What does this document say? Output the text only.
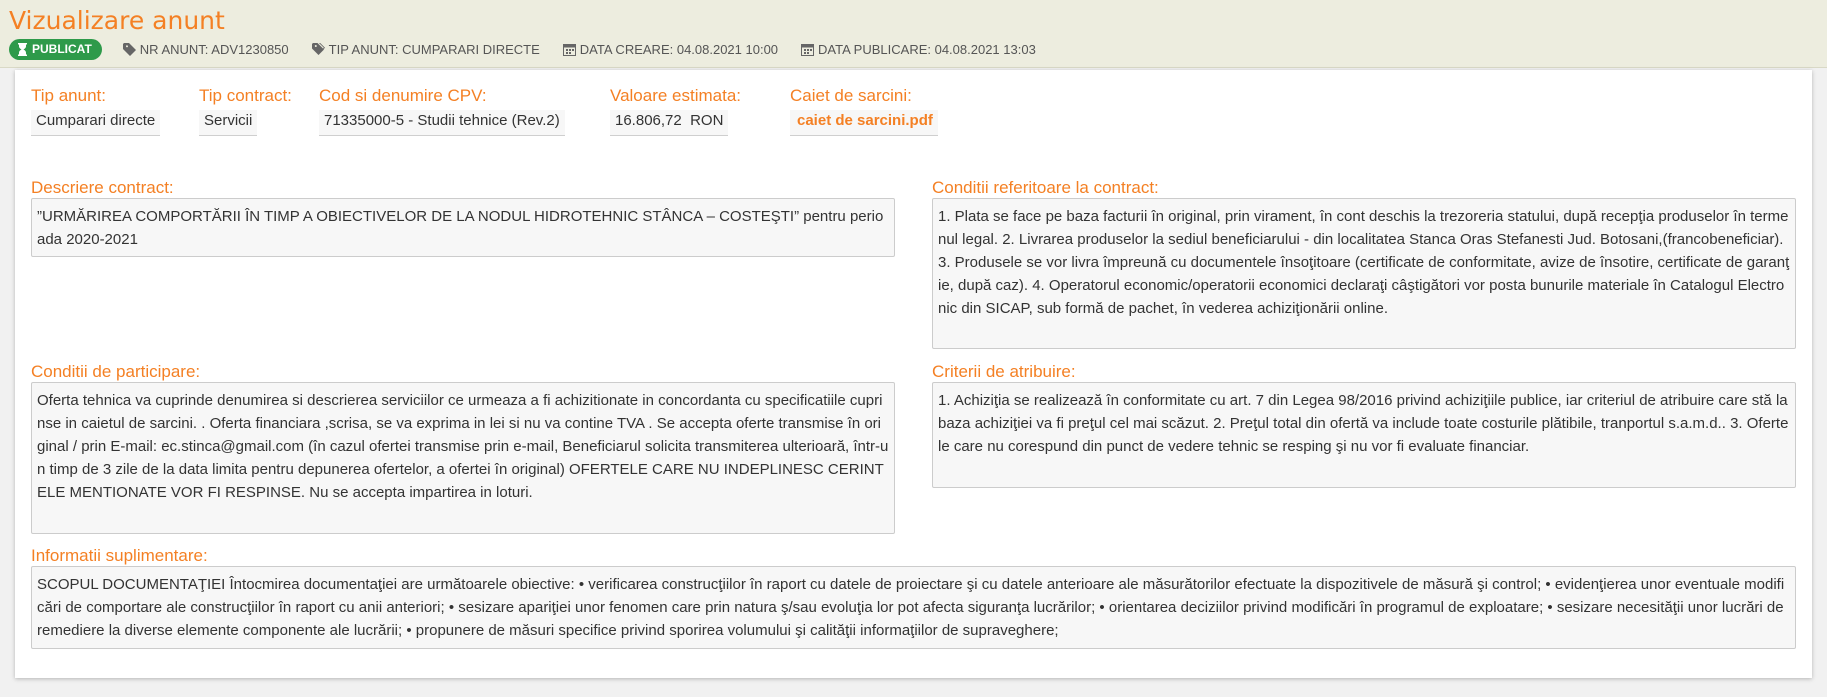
Vizualizare anunt
PUBLICAT	NR ANUNT: ADV1230850	TIP ANUNT: CUMPARARI DIRECTE	DATA CREARE: 04.08.2021 10:00	DATA PUBLICARE: 04.08.2021 13:03
Tip anunt:
Cumparari directe
Tip contract:
Servicii
Cod si denumire CPV:
71335000-5 - Studii tehnice (Rev.2)
Valoare estimata:
16.806,72  RON
Caiet de sarcini:
caiet de sarcini.pdf
Descriere contract:
”URMĂRIREA COMPORTĂRII ÎN TIMP A OBIECTIVELOR DE LA NODUL HIDROTEHNIC STÂNCA – COSTEŞTI” pentru perioada 2020-2021
Conditii referitoare la contract:
1. Plata se face pe baza facturii în original, prin virament, în cont deschis la trezoreria statului, după recepţia produselor în termenul legal. 2. Livrarea produselor la sediul beneficiarului - din localitatea Stanca Oras Stefanesti Jud. Botosani,(francobeneficiar). 3. Produsele se vor livra împreună cu documentele însoţitoare (certificate de conformitate, avize de însotire, certificate de garanţie, după caz). 4. Operatorul economic/operatorii economici declaraţi câştigători vor posta bunurile materiale în Catalogul Electronic din SICAP, sub formă de pachet, în vederea achiziţionării online.
Conditii de participare:
Oferta tehnica va cuprinde denumirea si descrierea serviciilor ce urmeaza a fi achizitionate in concordanta cu specificatiile cuprinse in caietul de sarcini. . Oferta financiara ,scrisa, se va exprima in lei si nu va contine TVA . Se accepta oferte transmise în original / prin E-mail: ec.stinca@gmail.com (în cazul ofertei transmise prin e-mail, Beneficiarul solicita transmiterea ulterioară, într-un timp de 3 zile de la data limita pentru depunerea ofertelor, a ofertei în original) OFERTELE CARE NU INDEPLINESC CERINTELE MENTIONATE VOR FI RESPINSE. Nu se accepta impartirea in loturi.
Criterii de atribuire:
1. Achiziţia se realizează în conformitate cu art. 7 din Legea 98/2016 privind achiziţiile publice, iar criteriul de atribuire care stă la baza achiziţiei va fi preţul cel mai scăzut. 2. Preţul total din ofertă va include toate costurile plătibile, tranportul s.a.m.d.. 3. Ofertele care nu corespund din punct de vedere tehnic se resping şi nu vor fi evaluate financiar.
Informatii suplimentare:
SCOPUL DOCUMENTAŢIEI Întocmirea documentaţiei are următoarele obiective: • verificarea construcţiilor în raport cu datele de proiectare şi cu datele anterioare ale măsurătorilor efectuate la dispozitivele de măsură şi control; • evidenţierea unor eventuale modificări de comportare ale construcţiilor în raport cu anii anteriori; • sesizare apariţiei unor fenomen care prin natura ş/sau evoluţia lor pot afecta siguranţa lucrărilor; • orientarea deciziilor privind modificări în programul de exploatare; • sesizare necesităţii unor lucrări de remediere la diverse elemente componente ale lucrării; • propunere de măsuri specifice privind sporirea volumului şi calităţii informaţiilor de supraveghere;
